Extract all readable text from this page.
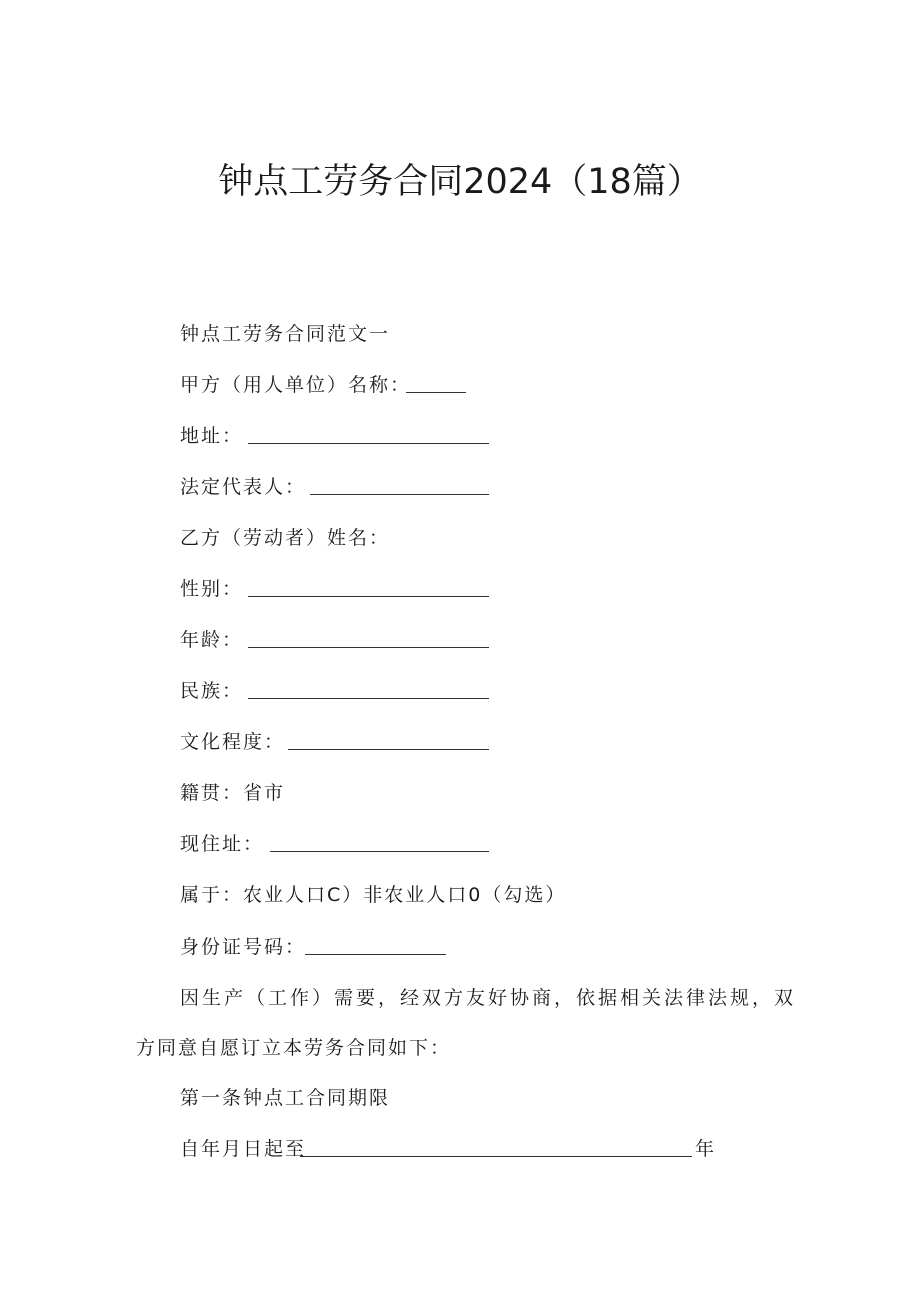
钟点工劳务合同2024（18篇）
钟点工劳务合同范文一
甲方（用人单位）名称：
地址：
法定代表人：
乙方（劳动者）姓名：
性别：
年龄：
民族：
文化程度：
籍贯：省市
现住址：
属于：农业人口C）非农业人口0（勾选）
身份证号码：
因生产（工作）需要，经双方友好协商，依据相关法律法规，双
方同意自愿订立本劳务合同如下：
第一条钟点工合同期限
自年月日起至	年
